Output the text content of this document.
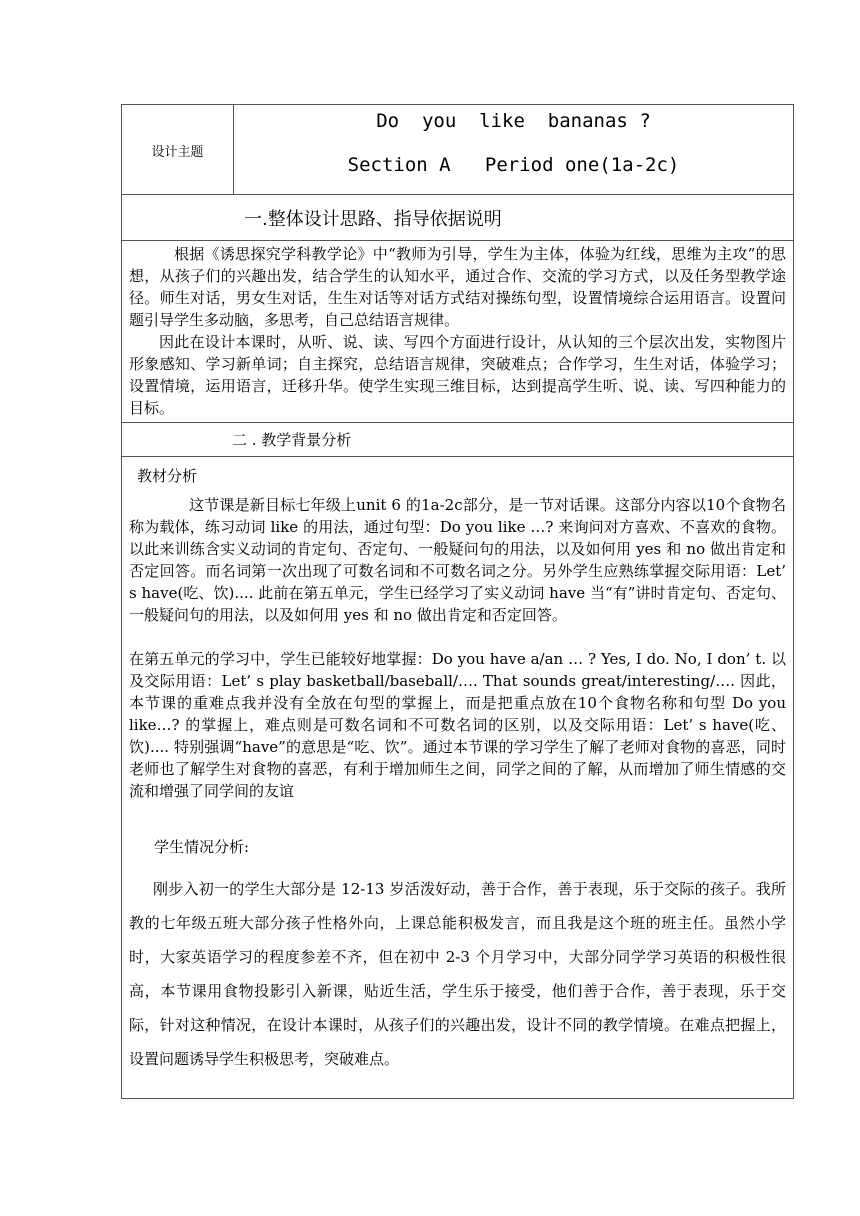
设计主题
Do  you  like  bananas ?
Section A   Period one(1a-2c)
一.整体设计思路、指导依据说明
根据《诱思探究学科教学论》中“教师为引导，学生为主体，体验为红线，思维为主攻”的思想，从孩子们的兴趣出发，结合学生的认知水平，通过合作、交流的学习方式，以及任务型教学途径。师生对话，男女生对话，生生对话等对话方式结对操练句型，设置情境综合运用语言。设置问题引导学生多动脑，多思考，自己总结语言规律。
因此在设计本课时，从听、说、读、写四个方面进行设计，从认知的三个层次出发，实物图片形象感知、学习新单词；自主探究，总结语言规律，突破难点；合作学习，生生对话，体验学习；设置情境，运用语言，迁移升华。使学生实现三维目标，达到提高学生听、说、读、写四种能力的目标。
二 . 教学背景分析
教材分析
这节课是新目标七年级上unit 6 的1a-2c部分，是一节对话课。这部分内容以10个食物名称为载体，练习动词 like 的用法，通过句型：Do you like …? 来询问对方喜欢、不喜欢的食物。以此来训练含实义动词的肯定句、否定句、一般疑问句的用法，以及如何用 yes 和 no 做出肯定和否定回答。而名词第一次出现了可数名词和不可数名词之分。另外学生应熟练掌握交际用语：Let’ s have(吃、饮).... 此前在第五单元，学生已经学习了实义动词 have 当“有”讲时肯定句、否定句、一般疑问句的用法，以及如何用 yes 和 no 做出肯定和否定回答。
在第五单元的学习中，学生已能较好地掌握：Do you have a/an … ? Yes, I do. No, I don’ t. 以及交际用语：Let’ s play basketball/baseball/…. That sounds great/interesting/…. 因此，本节课的重难点我并没有全放在句型的掌握上，而是把重点放在10个食物名称和句型 Do you like…? 的掌握上，难点则是可数名词和不可数名词的区别，以及交际用语：Let’ s have(吃、饮).... 特别强调“have”的意思是“吃、饮”。通过本节课的学习学生了解了老师对食物的喜恶，同时老师也了解学生对食物的喜恶，有利于增加师生之间，同学之间的了解，从而增加了师生情感的交流和增强了同学间的友谊
学生情况分析:
刚步入初一的学生大部分是 12-13 岁活泼好动，善于合作，善于表现，乐于交际的孩子。我所教的七年级五班大部分孩子性格外向，上课总能积极发言，而且我是这个班的班主任。虽然小学时，大家英语学习的程度参差不齐，但在初中 2-3 个月学习中，大部分同学学习英语的积极性很高，本节课用食物投影引入新课，贴近生活，学生乐于接受，他们善于合作，善于表现，乐于交际，针对这种情况，在设计本课时，从孩子们的兴趣出发，设计不同的教学情境。在难点把握上，设置问题诱导学生积极思考，突破难点。
